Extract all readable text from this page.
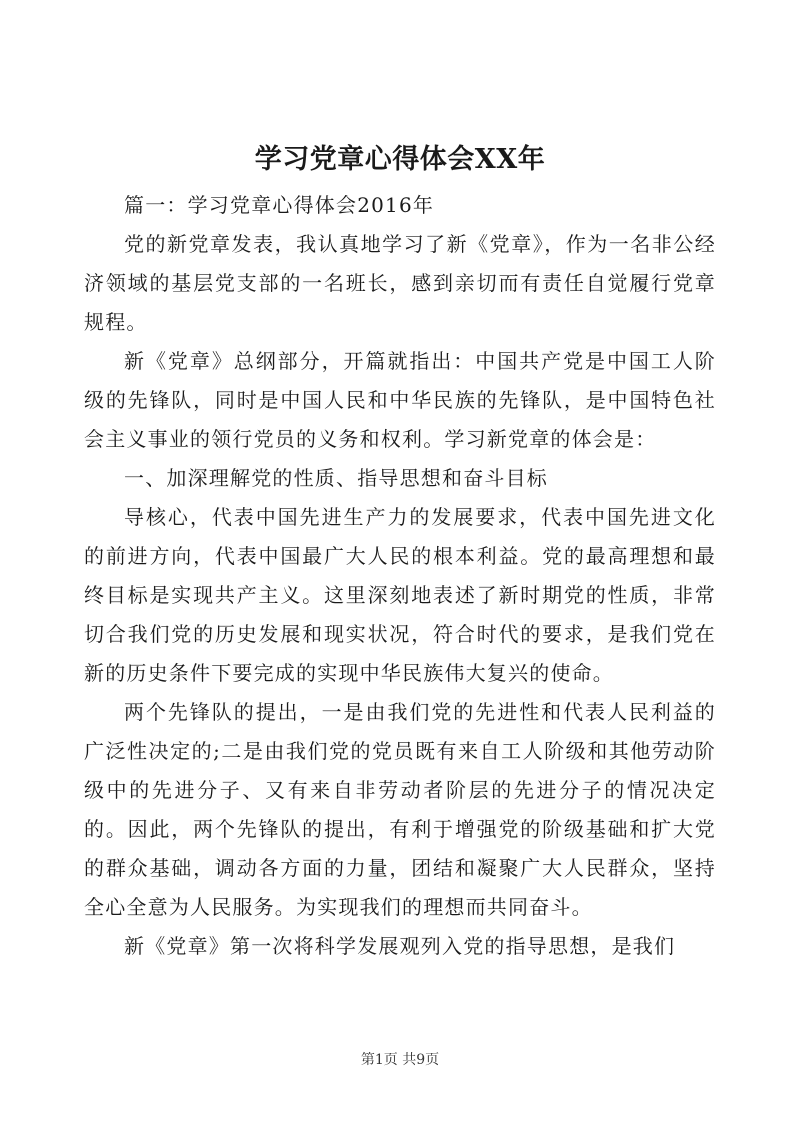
学习党章心得体会XX年

篇一：学习党章心得体会2016年

党的新党章发表，我认真地学习了新《党章》，作为一名非公经济领域的基层党支部的一名班长，感到亲切而有责任自觉履行党章规程。

新《党章》总纲部分，开篇就指出：中国共产党是中国工人阶级的先锋队，同时是中国人民和中华民族的先锋队，是中国特色社会主义事业的领行党员的义务和权利。学习新党章的体会是：

一、加深理解党的性质、指导思想和奋斗目标

导核心，代表中国先进生产力的发展要求，代表中国先进文化的前进方向，代表中国最广大人民的根本利益。党的最高理想和最终目标是实现共产主义。这里深刻地表述了新时期党的性质，非常切合我们党的历史发展和现实状况，符合时代的要求，是我们党在新的历史条件下要完成的实现中华民族伟大复兴的使命。

两个先锋队的提出，一是由我们党的先进性和代表人民利益的广泛性决定的;二是由我们党的党员既有来自工人阶级和其他劳动阶级中的先进分子、又有来自非劳动者阶层的先进分子的情况决定的。因此，两个先锋队的提出，有利于增强党的阶级基础和扩大党的群众基础，调动各方面的力量，团结和凝聚广大人民群众，坚持全心全意为人民服务。为实现我们的理想而共同奋斗。

新《党章》第一次将科学发展观列入党的指导思想，是我们

第1页 共9页
